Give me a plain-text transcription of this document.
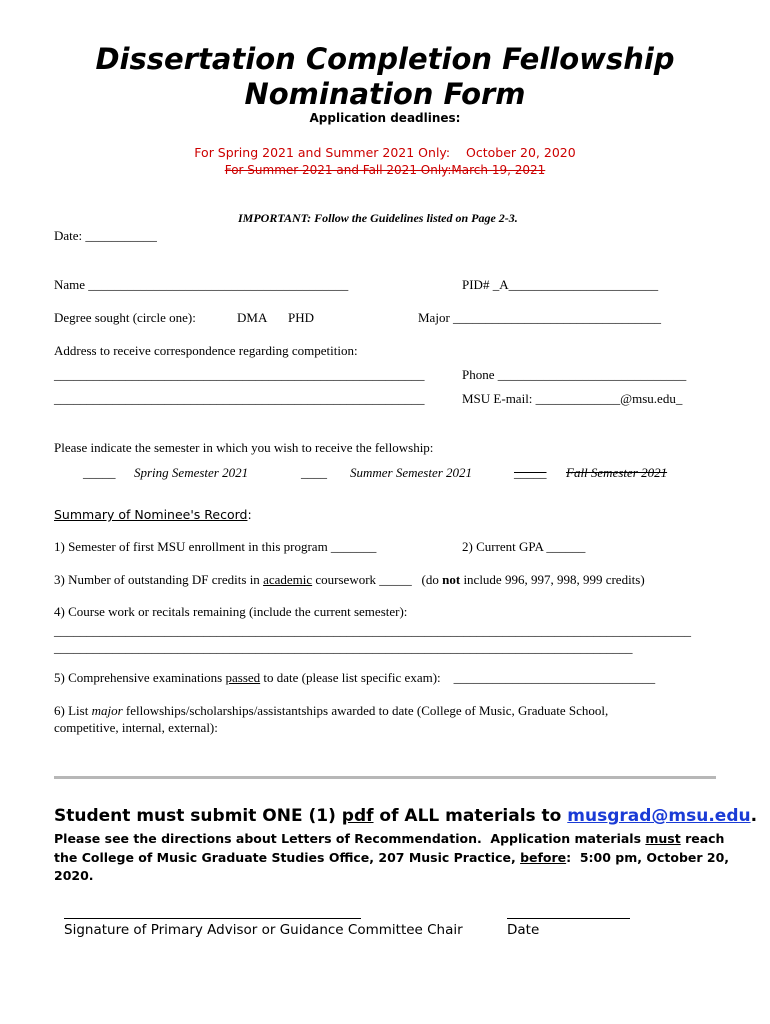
Dissertation Completion Fellowship
Nomination Form
Application deadlines:
For Spring 2021 and Summer 2021 Only:    October 20, 2020
For Summer 2021 and Fall 2021 Only:March 19, 2021
IMPORTANT: Follow the Guidelines listed on Page 2-3.
Date: ___________
Name ________________________________________	PID# _A_______________________
Degree sought (circle one):	DMA PHD	Major ________________________________
Address to receive correspondence regarding competition:
_________________________________________________________	Phone _____________________________
_________________________________________________________	MSU E-mail: _____________@msu.edu_
Please indicate the semester in which you wish to receive the fellowship:
_____ Spring Semester 2021	____ Summer Semester 2021	_____ Fall Semester 2021
Summary of Nominee's Record:
1) Semester of first MSU enrollment in this program _______	2) Current GPA ______
3) Number of outstanding DF credits in academic coursework _____   (do not include 996, 997, 998, 999 credits)
4) Course work or recitals remaining (include the current semester):
__________________________________________________________________________________________________
_________________________________________________________________________________________
5) Comprehensive examinations passed to date (please list specific exam):    _______________________________
6) List major fellowships/scholarships/assistantships awarded to date (College of Music, Graduate School,
competitive, internal, external):
Student must submit ONE (1) pdf of ALL materials to musgrad@msu.edu.
Please see the directions about Letters of Recommendation.  Application materials must reach
the College of Music Graduate Studies Office, 207 Music Practice, before:  5:00 pm, October 20,
2020.
Signature of Primary Advisor or Guidance Committee Chair	Date
